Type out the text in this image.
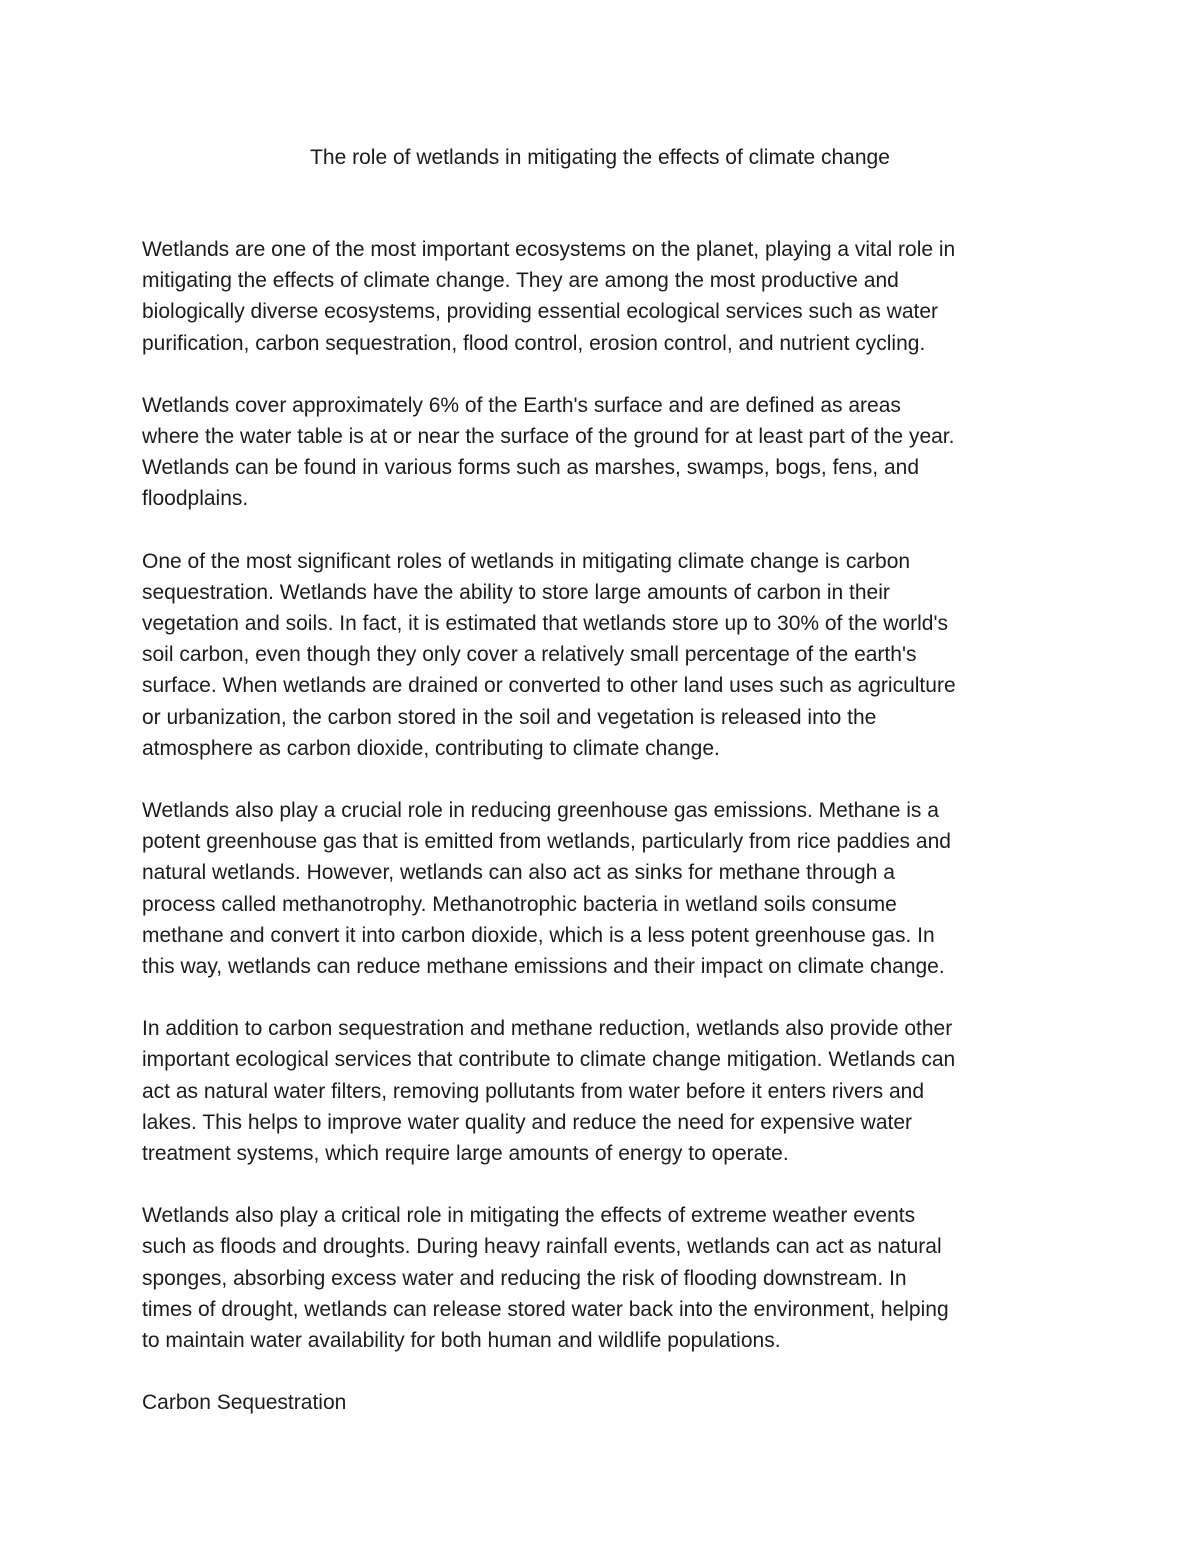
The role of wetlands in mitigating the effects of climate change

Wetlands are one of the most important ecosystems on the planet, playing a vital role in
mitigating the effects of climate change. They are among the most productive and
biologically diverse ecosystems, providing essential ecological services such as water
purification, carbon sequestration, flood control, erosion control, and nutrient cycling.

Wetlands cover approximately 6% of the Earth's surface and are defined as areas
where the water table is at or near the surface of the ground for at least part of the year.
Wetlands can be found in various forms such as marshes, swamps, bogs, fens, and
floodplains.

One of the most significant roles of wetlands in mitigating climate change is carbon
sequestration. Wetlands have the ability to store large amounts of carbon in their
vegetation and soils. In fact, it is estimated that wetlands store up to 30% of the world's
soil carbon, even though they only cover a relatively small percentage of the earth's
surface. When wetlands are drained or converted to other land uses such as agriculture
or urbanization, the carbon stored in the soil and vegetation is released into the
atmosphere as carbon dioxide, contributing to climate change.

Wetlands also play a crucial role in reducing greenhouse gas emissions. Methane is a
potent greenhouse gas that is emitted from wetlands, particularly from rice paddies and
natural wetlands. However, wetlands can also act as sinks for methane through a
process called methanotrophy. Methanotrophic bacteria in wetland soils consume
methane and convert it into carbon dioxide, which is a less potent greenhouse gas. In
this way, wetlands can reduce methane emissions and their impact on climate change.

In addition to carbon sequestration and methane reduction, wetlands also provide other
important ecological services that contribute to climate change mitigation. Wetlands can
act as natural water filters, removing pollutants from water before it enters rivers and
lakes. This helps to improve water quality and reduce the need for expensive water
treatment systems, which require large amounts of energy to operate.

Wetlands also play a critical role in mitigating the effects of extreme weather events
such as floods and droughts. During heavy rainfall events, wetlands can act as natural
sponges, absorbing excess water and reducing the risk of flooding downstream. In
times of drought, wetlands can release stored water back into the environment, helping
to maintain water availability for both human and wildlife populations.

Carbon Sequestration
